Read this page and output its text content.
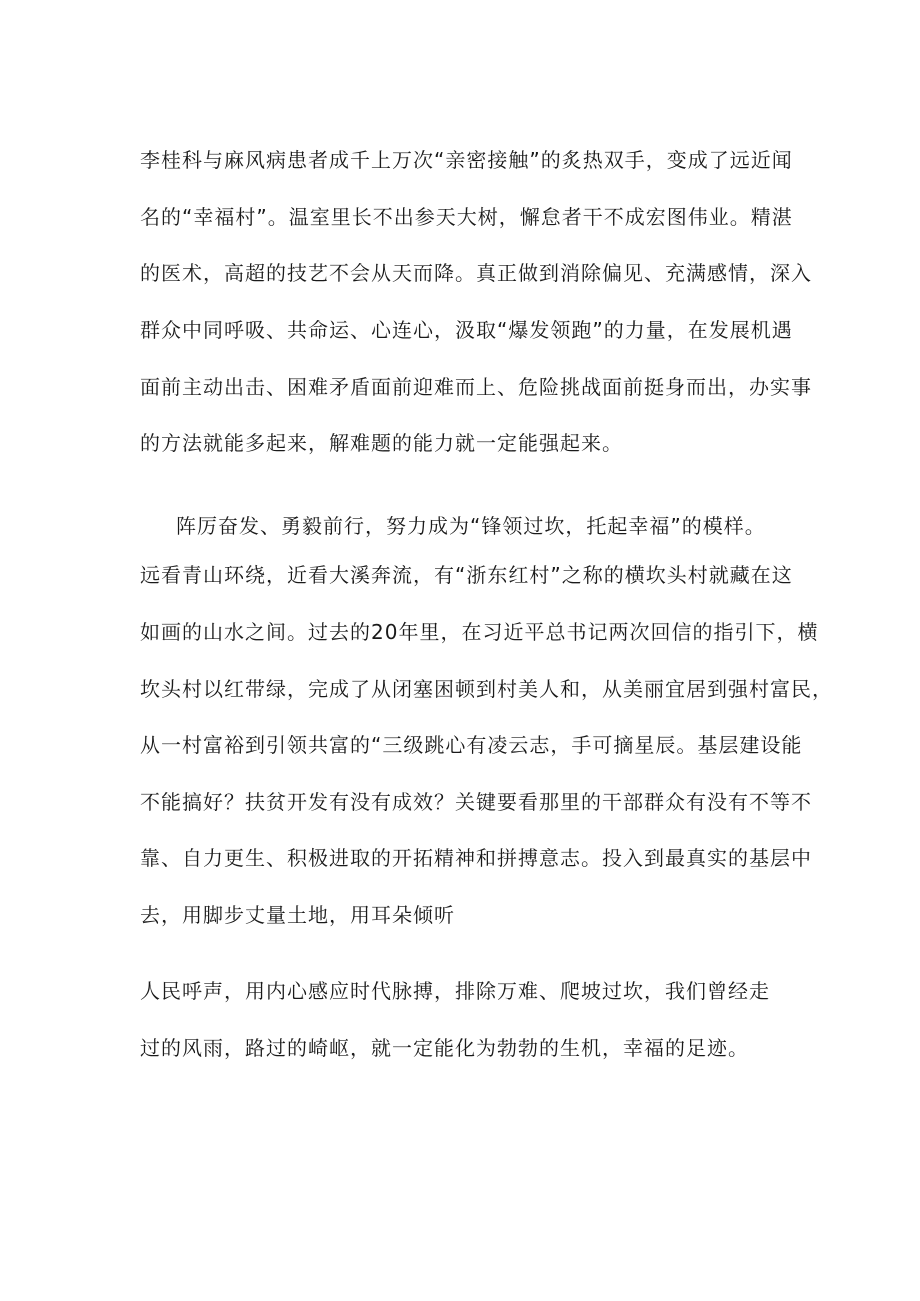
李桂科与麻风病患者成千上万次“亲密接触”的炙热双手，变成了远近闻
名的“幸福村”。温室里长不出参天大树，懈怠者干不成宏图伟业。精湛
的医术，高超的技艺不会从天而降。真正做到消除偏见、充满感情，深入
群众中同呼吸、共命运、心连心，汲取“爆发领跑”的力量，在发展机遇
面前主动出击、困难矛盾面前迎难而上、危险挑战面前挺身而出，办实事
的方法就能多起来，解难题的能力就一定能强起来。
阵厉奋发、勇毅前行，努力成为“锋领过坎，托起幸福”的模样。
远看青山环绕，近看大溪奔流，有“浙东红村”之称的横坎头村就藏在这
如画的山水之间。过去的20年里，在习近平总书记两次回信的指引下，横
坎头村以红带绿，完成了从闭塞困顿到村美人和，从美丽宜居到强村富民，
从一村富裕到引领共富的“三级跳心有凌云志，手可摘星辰。基层建设能
不能搞好？扶贫开发有没有成效？关键要看那里的干部群众有没有不等不
靠、自力更生、积极进取的开拓精神和拼搏意志。投入到最真实的基层中
去，用脚步丈量土地，用耳朵倾听
人民呼声，用内心感应时代脉搏，排除万难、爬坡过坎，我们曾经走
过的风雨，路过的崎岖，就一定能化为勃勃的生机，幸福的足迹。
